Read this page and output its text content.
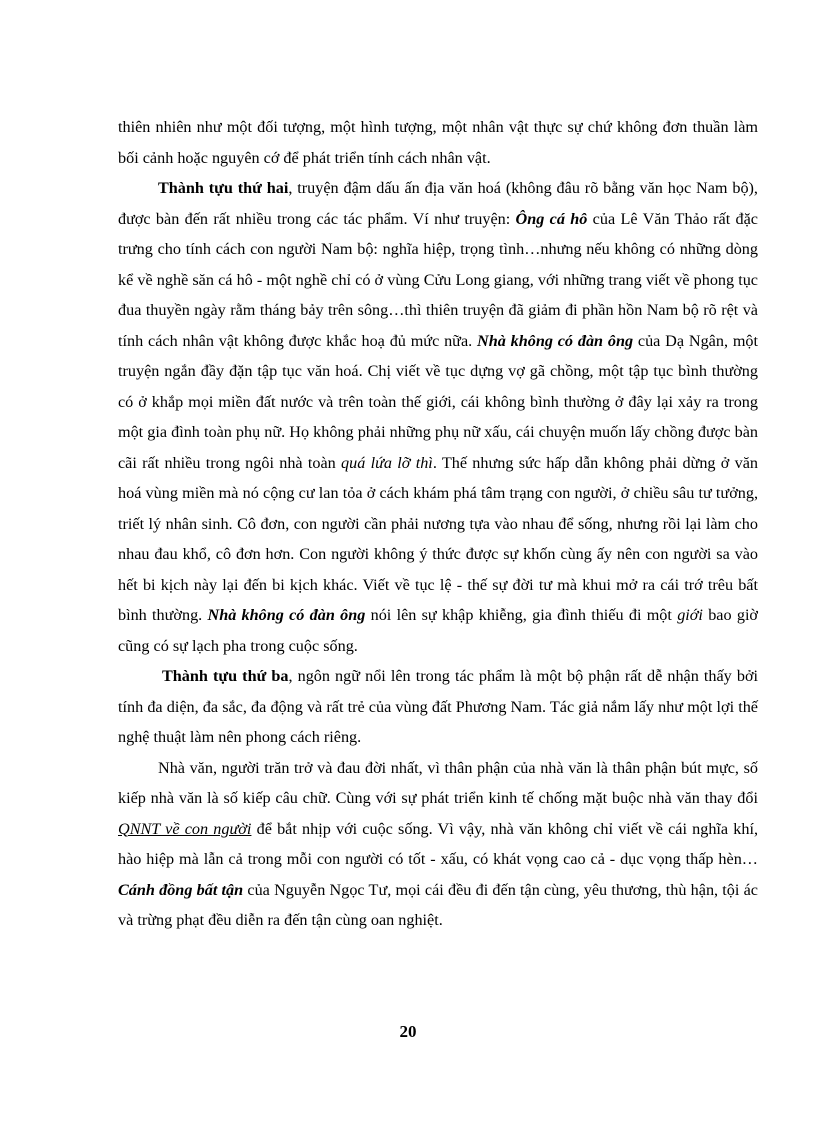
thiên nhiên như một đối tượng, một hình tượng, một nhân vật thực sự chứ không đơn thuần làm bối cảnh hoặc nguyên cớ để phát triển tính cách nhân vật.

Thành tựu thứ hai, truyện đậm dấu ấn địa văn hoá (không đâu rõ bằng văn học Nam bộ), được bàn đến rất nhiều trong các tác phẩm. Ví như truyện: Ông cá hô của Lê Văn Thảo rất đặc trưng cho tính cách con người Nam bộ: nghĩa hiệp, trọng tình…nhưng nếu không có những dòng kể về nghề săn cá hô - một nghề chỉ có ở vùng Cửu Long giang, với những trang viết về phong tục đua thuyền ngày rằm tháng bảy trên sông…thì thiên truyện đã giảm đi phần hồn Nam bộ rõ rệt và tính cách nhân vật không được khắc hoạ đủ mức nữa. Nhà không có đàn ông của Dạ Ngân, một truyện ngắn đầy đặn tập tục văn hoá. Chị viết về tục dựng vợ gã chồng, một tập tục bình thường có ở khắp mọi miền đất nước và trên toàn thế giới, cái không bình thường ở đây lại xảy ra trong một gia đình toàn phụ nữ. Họ không phải những phụ nữ xấu, cái chuyện muốn lấy chồng được bàn cãi rất nhiều trong ngôi nhà toàn quá lứa lỡ thì. Thế nhưng sức hấp dẫn không phải dừng ở văn hoá vùng miền mà nó cộng cư lan tỏa ở cách khám phá tâm trạng con người, ở chiều sâu tư tưởng, triết lý nhân sinh. Cô đơn, con người cần phải nương tựa vào nhau để sống, nhưng rồi lại làm cho nhau đau khổ, cô đơn hơn. Con người không ý thức được sự khốn cùng ấy nên con người sa vào hết bi kịch này lại đến bi kịch khác. Viết về tục lệ - thế sự đời tư mà khui mở ra cái trớ trêu bất bình thường. Nhà không có đàn ông nói lên sự khập khiễng, gia đình thiếu đi một giới bao giờ cũng có sự lạch pha trong cuộc sống.

Thành tựu thứ ba, ngôn ngữ nổi lên trong tác phẩm là một bộ phận rất dễ nhận thấy bởi tính đa diện, đa sắc, đa động và rất trẻ của vùng đất Phương Nam. Tác giả nắm lấy như một lợi thế nghệ thuật làm nên phong cách riêng.

Nhà văn, người trăn trở và đau đời nhất, vì thân phận của nhà văn là thân phận bút mực, số kiếp nhà văn là số kiếp câu chữ. Cùng với sự phát triển kinh tế chống mặt buộc nhà văn thay đổi QNNT về con người để bắt nhịp với cuộc sống. Vì vậy, nhà văn không chỉ viết về cái nghĩa khí, hào hiệp mà lẫn cả trong mỗi con người có tốt - xấu, có khát vọng cao cả - dục vọng thấp hèn…Cánh đồng bất tận của Nguyễn Ngọc Tư, mọi cái đều đi đến tận cùng, yêu thương, thù hận, tội ác và trừng phạt đều diễn ra đến tận cùng oan nghiệt.

20
